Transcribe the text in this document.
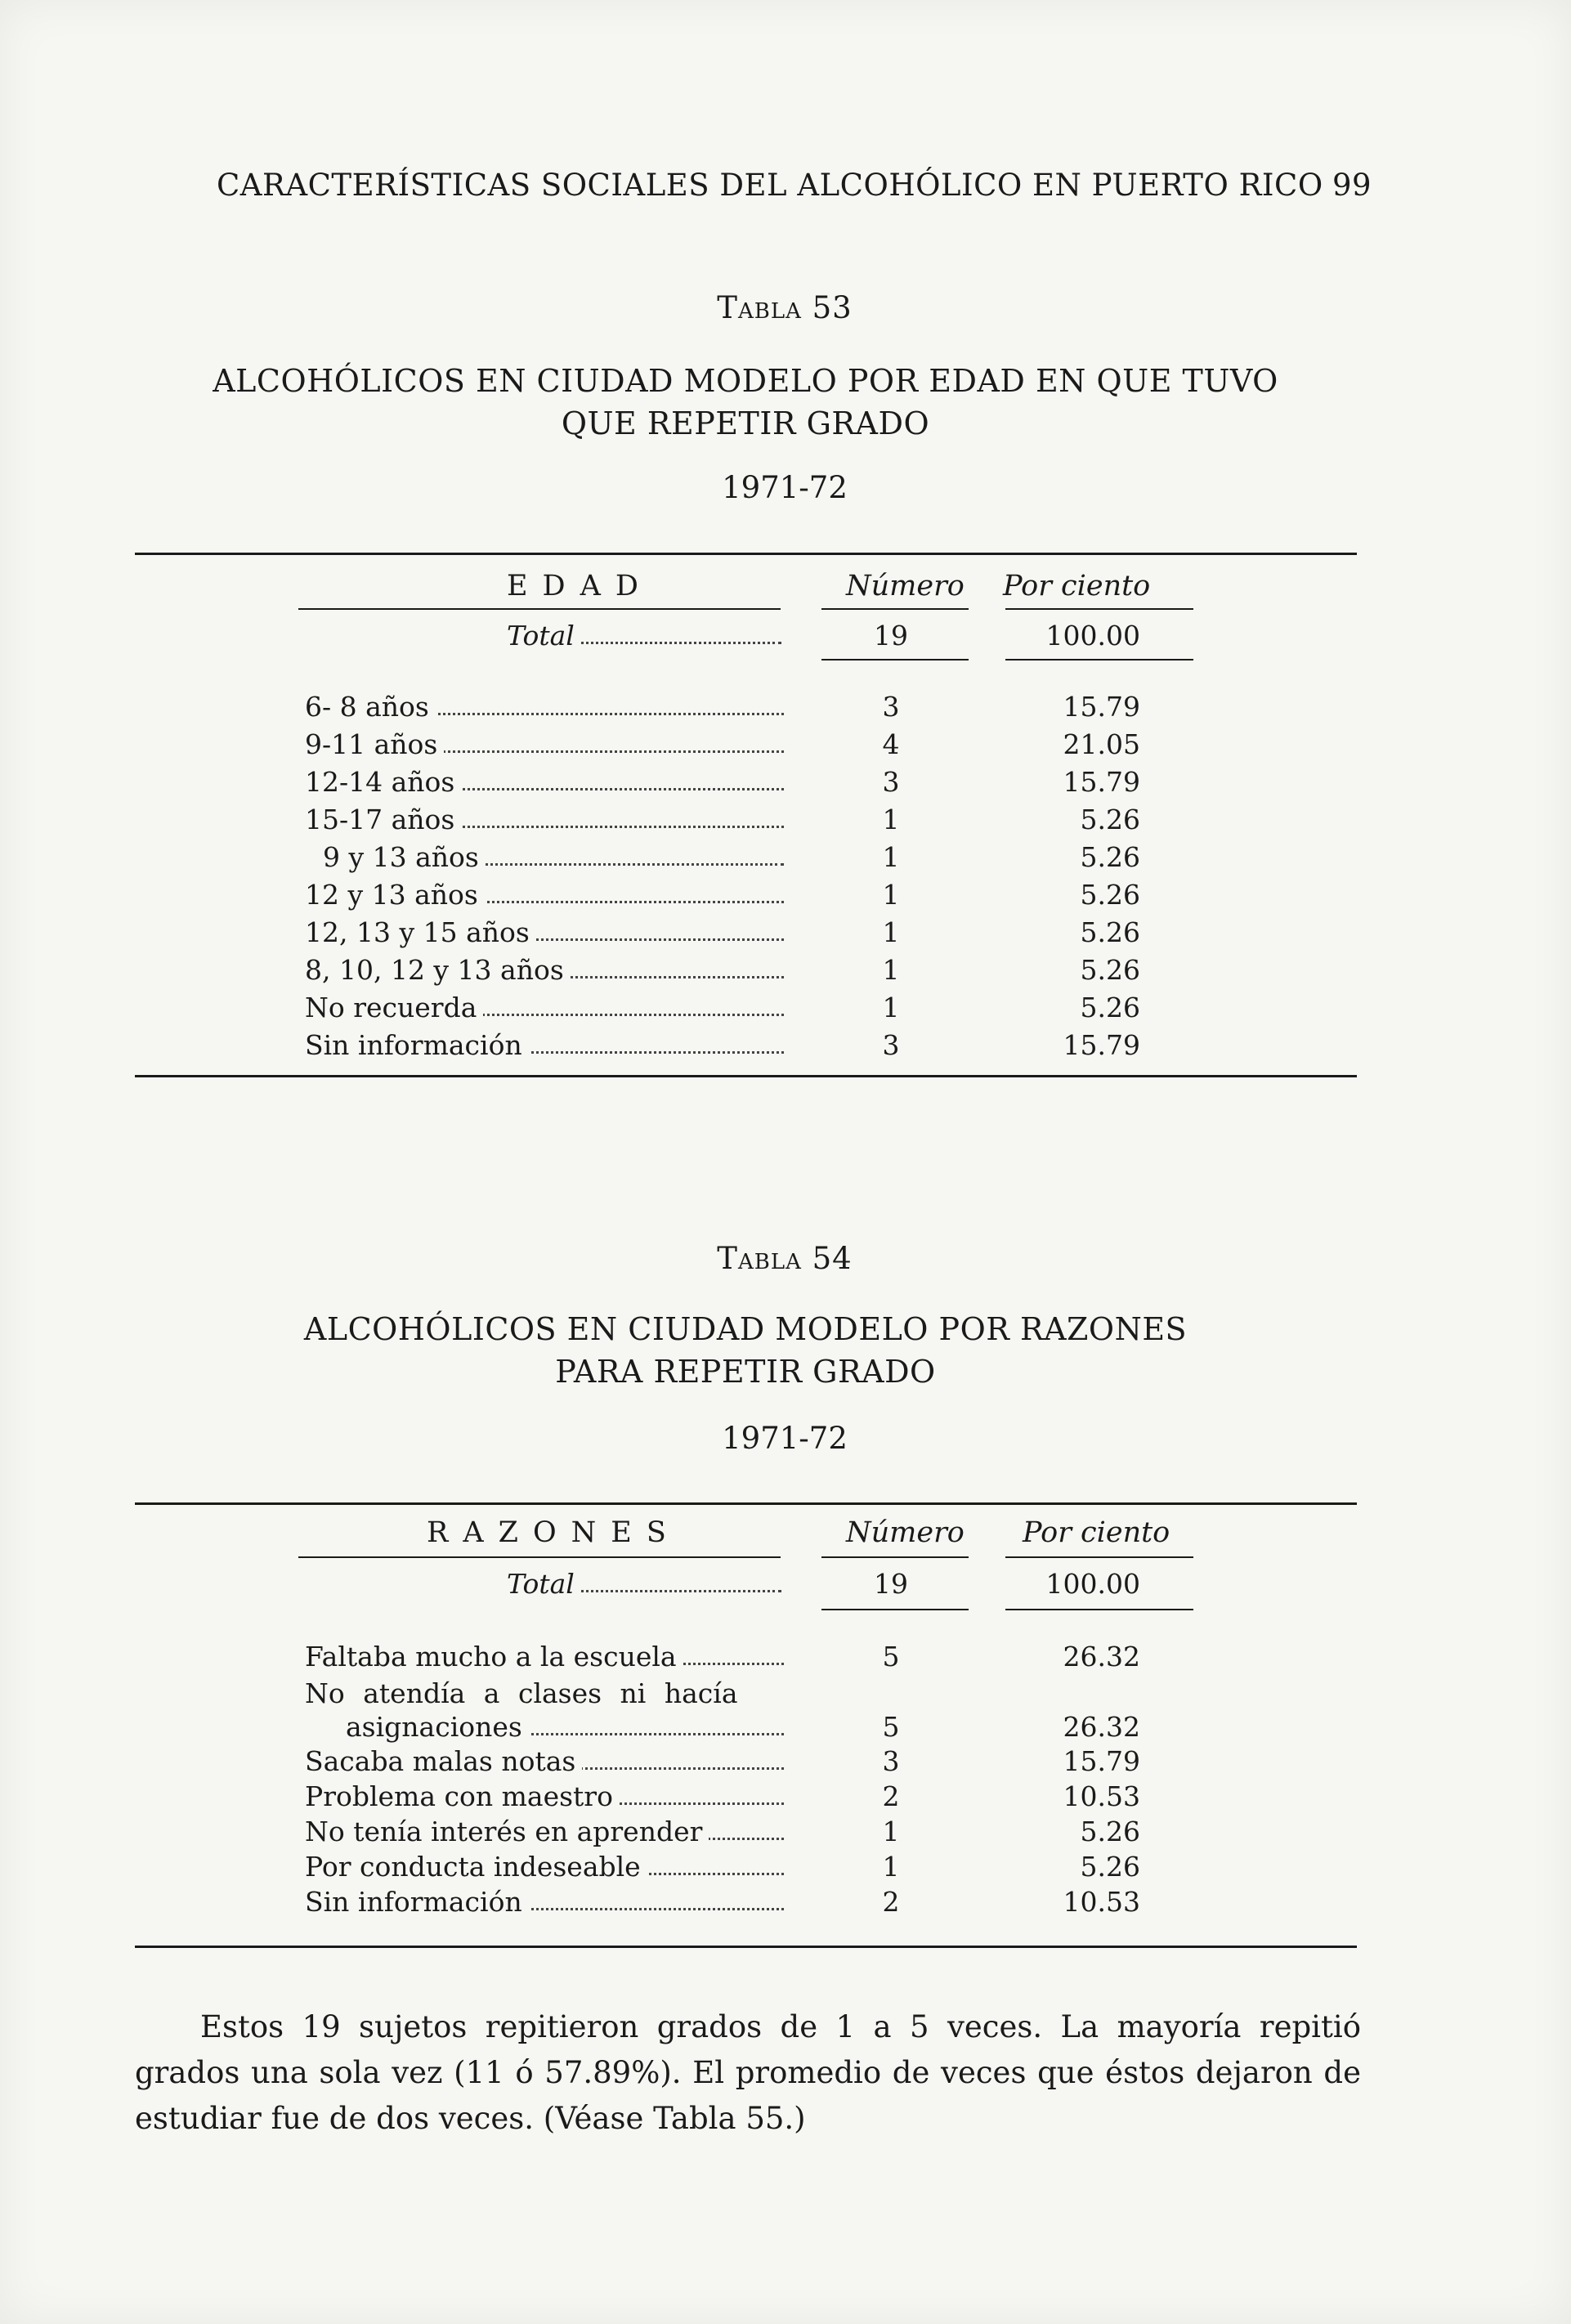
CARACTERÍSTICAS SOCIALES DEL ALCOHÓLICO EN PUERTO RICO 99
Tabla 53
ALCOHÓLICOS EN CIUDAD MODELO POR EDAD EN QUE TUVO
QUE REPETIR GRADO
1971-72
EDAD	Número Por ciento
Total	19	100.00
6- 8 años	3	15.79
9-11 años	4	21.05
12-14 años	3	15.79
15-17 años	1	5.26
9 y 13 años	1	5.26
12 y 13 años	1	5.26
12, 13 y 15 años	1	5.26
8, 10, 12 y 13 años	1	5.26
No recuerda	1	5.26
Sin información	3	15.79
Tabla 54
ALCOHÓLICOS EN CIUDAD MODELO POR RAZONES
PARA REPETIR GRADO
1971-72
RAZONES	Número Por ciento
Total	19	100.00
Faltaba mucho a la escuela	5	26.32
No atendía a clases ni hacía
asignaciones	5	26.32
Sacaba malas notas	3	15.79
Problema con maestro	2	10.53
No tenía interés en aprender	1	5.26
Por conducta indeseable	1	5.26
Sin información	2	10.53
Estos 19 sujetos repitieron grados de 1 a 5 veces. La mayoría repitió grados una sola vez (11 ó 57.89%). El promedio de veces que éstos dejaron de estudiar fue de dos veces. (Véase Tabla 55.)
